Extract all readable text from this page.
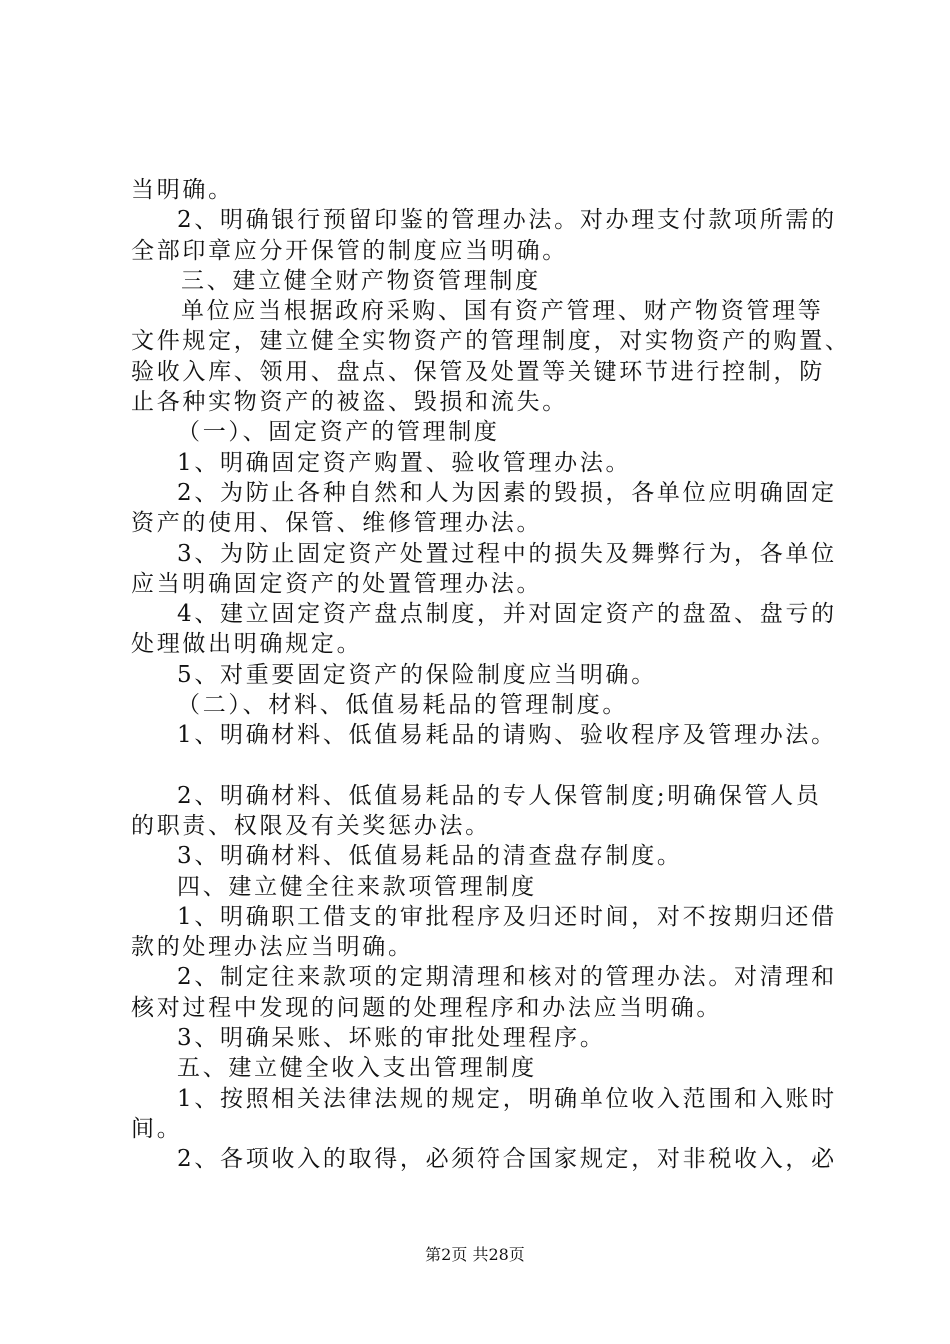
当明确。
2、明确银行预留印鉴的管理办法。对办理支付款项所需的
全部印章应分开保管的制度应当明确。
三、建立健全财产物资管理制度
单位应当根据政府采购、国有资产管理、财产物资管理等
文件规定，建立健全实物资产的管理制度，对实物资产的购置、
验收入库、领用、盘点、保管及处置等关键环节进行控制，防
止各种实物资产的被盗、毁损和流失。
（一）、固定资产的管理制度
1、明确固定资产购置、验收管理办法。
2、为防止各种自然和人为因素的毁损，各单位应明确固定
资产的使用、保管、维修管理办法。
3、为防止固定资产处置过程中的损失及舞弊行为，各单位
应当明确固定资产的处置管理办法。
4、建立固定资产盘点制度，并对固定资产的盘盈、盘亏的
处理做出明确规定。
5、对重要固定资产的保险制度应当明确。
（二）、材料、低值易耗品的管理制度。
1、明确材料、低值易耗品的请购、验收程序及管理办法。
2、明确材料、低值易耗品的专人保管制度;明确保管人员
的职责、权限及有关奖惩办法。
3、明确材料、低值易耗品的清查盘存制度。
四、建立健全往来款项管理制度
1、明确职工借支的审批程序及归还时间，对不按期归还借
款的处理办法应当明确。
2、制定往来款项的定期清理和核对的管理办法。对清理和
核对过程中发现的问题的处理程序和办法应当明确。
3、明确呆账、坏账的审批处理程序。
五、建立健全收入支出管理制度
1、按照相关法律法规的规定，明确单位收入范围和入账时
间。
2、各项收入的取得，必须符合国家规定，对非税收入，必
第2页 共28页
